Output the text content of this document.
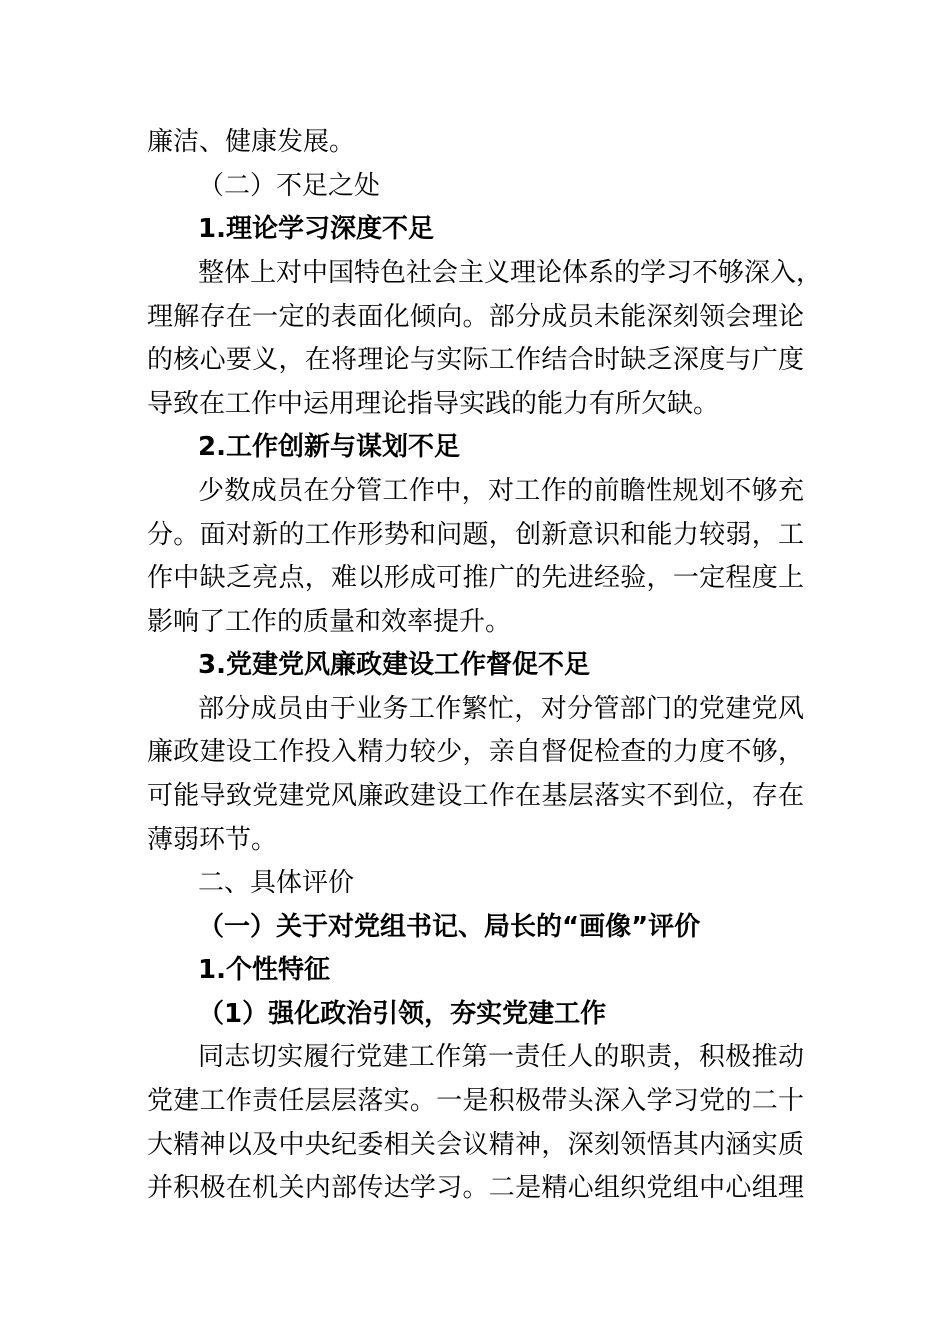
廉洁、健康发展。
（二）不足之处
1.理论学习深度不足
整体上对中国特色社会主义理论体系的学习不够深入，
理解存在一定的表面化倾向。部分成员未能深刻领会理论
的核心要义，在将理论与实际工作结合时缺乏深度与广度
导致在工作中运用理论指导实践的能力有所欠缺。
2.工作创新与谋划不足
少数成员在分管工作中，对工作的前瞻性规划不够充
分。面对新的工作形势和问题，创新意识和能力较弱，工
作中缺乏亮点，难以形成可推广的先进经验，一定程度上
影响了工作的质量和效率提升。
3.党建党风廉政建设工作督促不足
部分成员由于业务工作繁忙，对分管部门的党建党风
廉政建设工作投入精力较少，亲自督促检查的力度不够，
可能导致党建党风廉政建设工作在基层落实不到位，存在
薄弱环节。
二、具体评价
（一）关于对党组书记、局长的“画像”评价
1.个性特征
（1）强化政治引领，夯实党建工作
同志切实履行党建工作第一责任人的职责，积极推动
党建工作责任层层落实。一是积极带头深入学习党的二十
大精神以及中央纪委相关会议精神，深刻领悟其内涵实质
并积极在机关内部传达学习。二是精心组织党组中心组理
